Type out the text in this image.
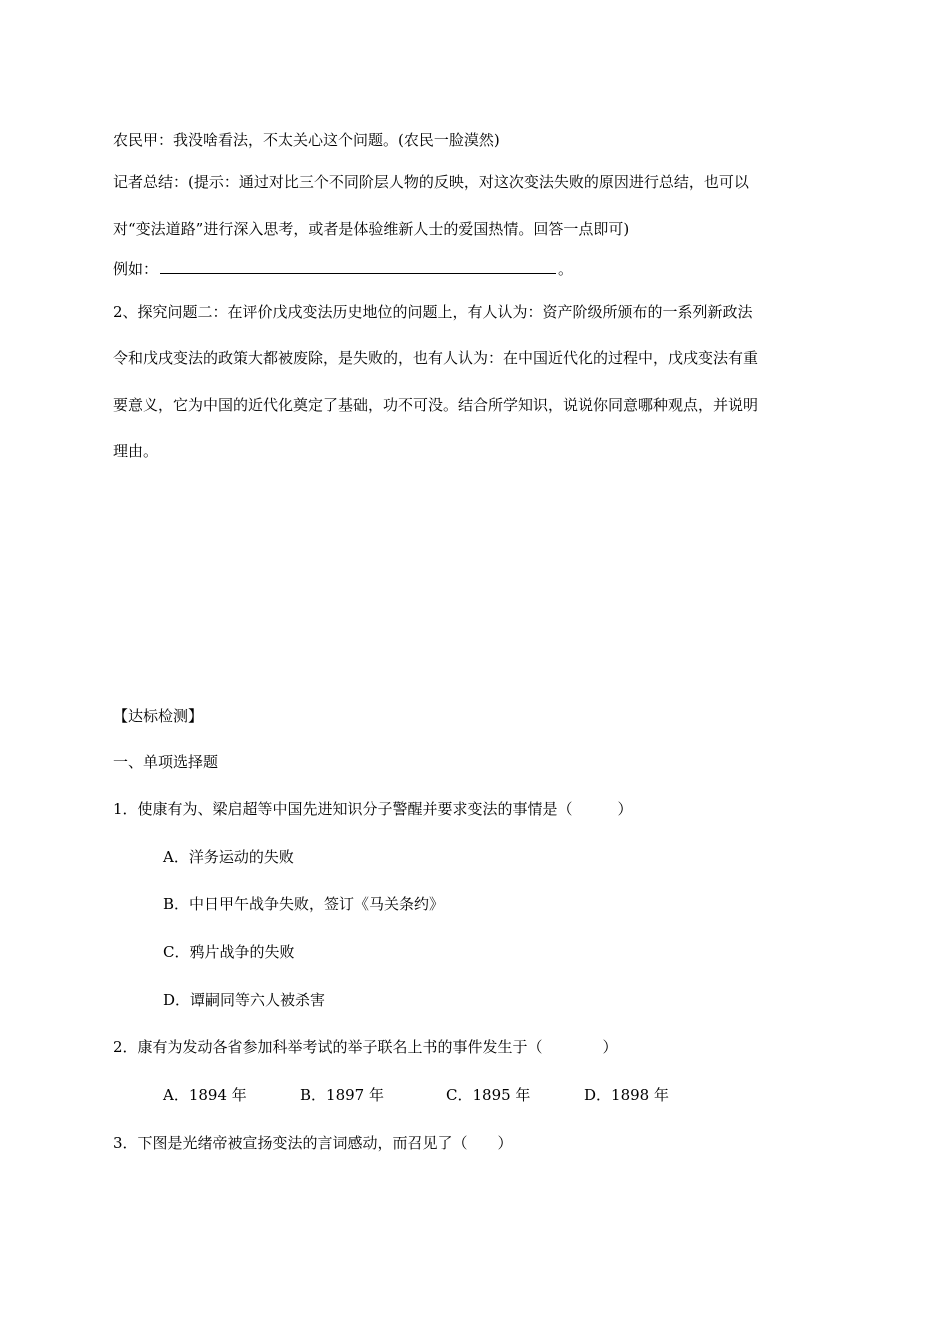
农民甲：我没啥看法，不太关心这个问题。(农民一脸漠然)
记者总结：(提示：通过对比三个不同阶层人物的反映，对这次变法失败的原因进行总结，也可以
对“变法道路”进行深入思考，或者是体验维新人士的爱国热情。回答一点即可)
例如：	。
2、探究问题二：在评价戊戌变法历史地位的问题上，有人认为：资产阶级所颁布的一系列新政法
令和戊戌变法的政策大都被废除，是失败的，也有人认为：在中国近代化的过程中，戊戌变法有重
要意义，它为中国的近代化奠定了基础，功不可没。结合所学知识，说说你同意哪种观点，并说明
理由。
【达标检测】
一、单项选择题
1．使康有为、梁启超等中国先进知识分子警醒并要求变法的事情是（　　　）
A．洋务运动的失败
B．中日甲午战争失败，签订《马关条约》
C．鸦片战争的失败
D．谭嗣同等六人被杀害
2．康有为发动各省参加科举考试的举子联名上书的事件发生于（　　　　）
A．1894 年	B．1897 年	C．1895 年	D．1898 年
3．下图是光绪帝被宣扬变法的言词感动，而召见了（　　）
